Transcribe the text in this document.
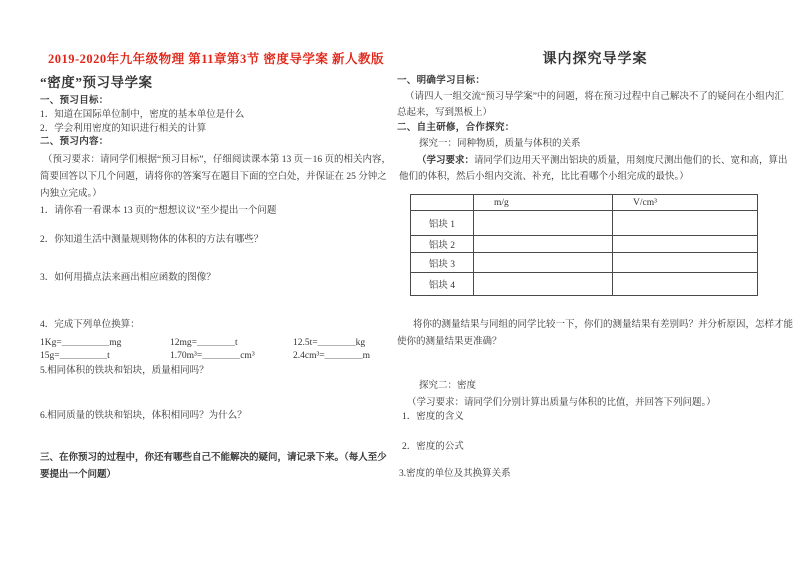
2019-2020年九年级物理 第11章第3节 密度导学案 新人教版
“密度”预习导学案
一、预习目标：
1．知道在国际单位制中，密度的基本单位是什么
2．学会利用密度的知识进行相关的计算
二、预习内容：
（预习要求：请同学们根据“预习目标”，仔细阅读课本第 13 页－16 页的相关内容，简要回答以下几个问题，请将你的答案写在题目下面的空白处，并保证在 25 分钟之内独立完成。）
1．请你看一看课本 13 页的“想想议议”至少提出一个问题
2．你知道生活中测量规则物体的体积的方法有哪些？
3．如何用描点法来画出相应函数的图像？
4．完成下列单位换算：
1Kg=＿＿＿＿＿mg	12mg=＿＿＿＿t	12.5t=＿＿＿＿kg
15g=＿＿＿＿＿t	1.70m³=＿＿＿＿cm³	2.4cm³=＿＿＿＿m
5.相同体积的铁块和铝块，质量相同吗？
6.相同质量的铁块和铝块，体积相同吗？为什么？
三、在你预习的过程中，你还有哪些自己不能解决的疑问，请记录下来。（每人至少要提出一个问题）
课内探究导学案
一、明确学习目标：
（请四人一组交流“预习导学案”中的问题，将在预习过程中自己解决不了的疑问在小组内汇总起来，写到黑板上）
二、自主研修，合作探究：
探究一：同种物质，质量与体积的关系
（学习要求：请同学们边用天平测出铝块的质量，用刻度尺测出他们的长、宽和高，算出他们的体积，然后小组内交流、补充，比比看哪个小组完成的最快。）
	m/g	V/cm³
铝块 1		
铝块 2		
铝块 3		
铝块 4		
将你的测量结果与同组的同学比较一下，你们的测量结果有差别吗？并分析原因，怎样才能使你的测量结果更准确？
探究二：密度
（学习要求：请同学们分别计算出质量与体积的比值，并回答下列问题。）
1．密度的含义
2．密度的公式
3.密度的单位及其换算关系
